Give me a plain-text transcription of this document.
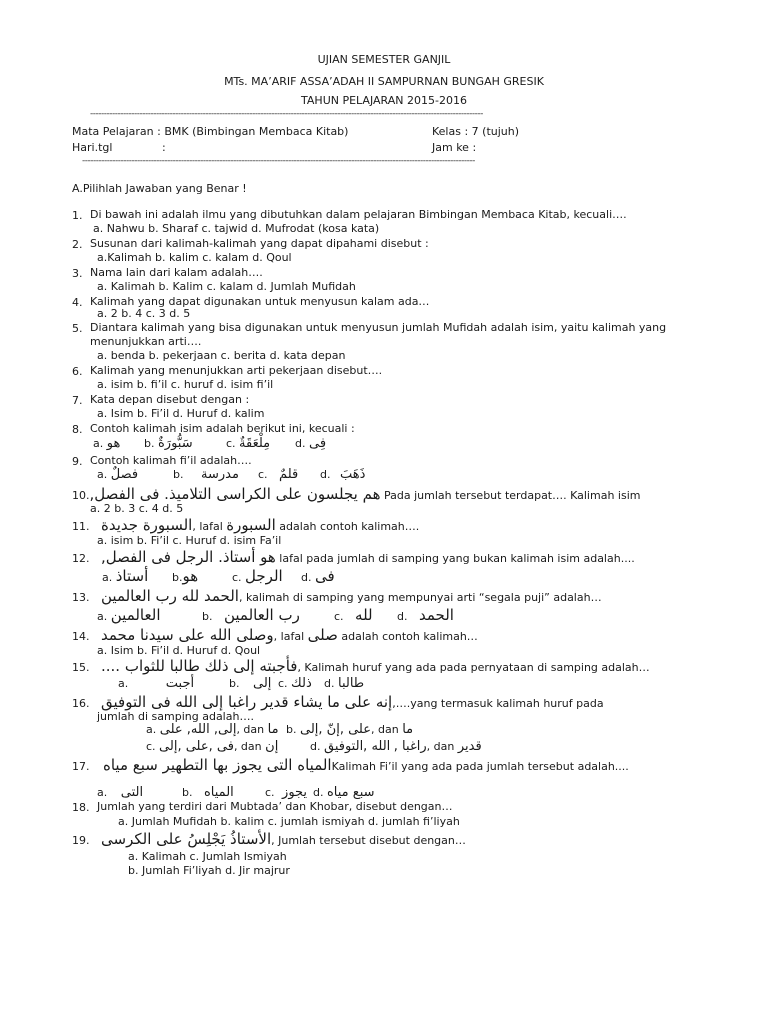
UJIAN SEMESTER GANJIL
MTs. MA’ARIF ASSA’ADAH II SAMPURNAN BUNGAH GRESIK
TAHUN PELAJARAN 2015-2016
-----------------------------------------------------------------------------------------------------------------------------------------------
Mata Pelajaran : BMK (Bimbingan Membaca Kitab)	Kelas : 7 (tujuh)
Hari.tgl	:	Jam ke :
-----------------------------------------------------------------------------------------------------------------------------------------------
A.Pilihlah Jawaban yang Benar !
1. Di bawah ini adalah ilmu yang dibutuhkan dalam pelajaran Bimbingan Membaca Kitab, kecuali….
a. Nahwu b. Sharaf c. tajwid d. Mufrodat (kosa kata)
2. Susunan dari kalimah-kalimah yang dapat dipahami disebut :
a.Kalimah b. kalim c. kalam d. Qoul
3. Nama lain dari kalam adalah….
a. Kalimah b. Kalim c. kalam d. Jumlah Mufidah
4. Kalimah yang dapat digunakan untuk menyusun kalam ada…
a. 2 b. 4 c. 3 d. 5
5. Diantara kalimah yang bisa digunakan untuk menyusun jumlah Mufidah adalah isim, yaitu kalimah yang
menunjukkan arti….
a. benda b. pekerjaan c. berita d. kata depan
6. Kalimah yang menunjukkan arti pekerjaan disebut….
a. isim b. fi’il c. huruf d. isim fi’il
7. Kata depan disebut dengan :
a. Isim b. Fi’il d. Huruf d. kalim
8. Contoh kalimah isim adalah berikut ini, kecuali :
a. هو b. سَبُّورَةٌ	c. مِلْعَقَةٌ d. فِى
9. Contoh kalimah fi’il adalah….
a. فصلٌ	b. مدرسة c. قلمٌ d. ذَهَبَ
10.هم يجلسون على الكراسى التلاميذ. فى الفصل, Pada jumlah tersebut terdapat…. Kalimah isim
a. 2 b. 3 c. 4 d. 5
11. السبورة جديدة, lafal السبورة adalah contoh kalimah….
a. isim b. Fi’il c. Huruf d. isim Fa’il
12. هو أستاذ. الرجل فى الفصل, lafal pada jumlah di samping yang bukan kalimah isim adalah....
a. أستاذ b.هو	c. الرجل d. فى
13. الحمد لله رب العالمين, kalimah di samping yang mempunyai arti “segala puji” adalah…
a. العالمين	b. رب العالمين	c. لله d. الحمد
14. وصلى الله على سيدنا محمد, lafal صلى adalah contoh kalimah…
a. Isim b. Fi’il d. Huruf d. Qoul
15. فأجبته إلى ذلك طالبا للثواب ...., Kalimah huruf yang ada pada pernyataan di samping adalah…
a.	أجبت	b. إلى c. ذلك d. طالبا
16. إنه على ما يشاء قدير راغبا إلى الله فى التوفيق,….yang termasuk kalimah huruf pada
jumlah di samping adalah….
a. إلى, الله, على, dan ما b. على ,إنّ ,إلى, dan ما
c. فى ,على ,إلى, dan إن	d. الله ,التوفيق راغبا ,, dan قدير
17. المياه التى يجوز بها التطهير سبع مياهKalimah Fi’il yang ada pada jumlah tersebut adalah....
a. التى	b. المياه	c. يجوز d. سبع مياه
18. Jumlah yang terdiri dari Mubtada’ dan Khobar, disebut dengan…
a. Jumlah Mufidah b. kalim c. jumlah ismiyah d. jumlah fi’liyah
19. الأستاذُ يَجْلِسُ على الكرسى, Jumlah tersebut disebut dengan…
a. Kalimah c. Jumlah Ismiyah
b. Jumlah Fi’liyah d. Jir majrur
